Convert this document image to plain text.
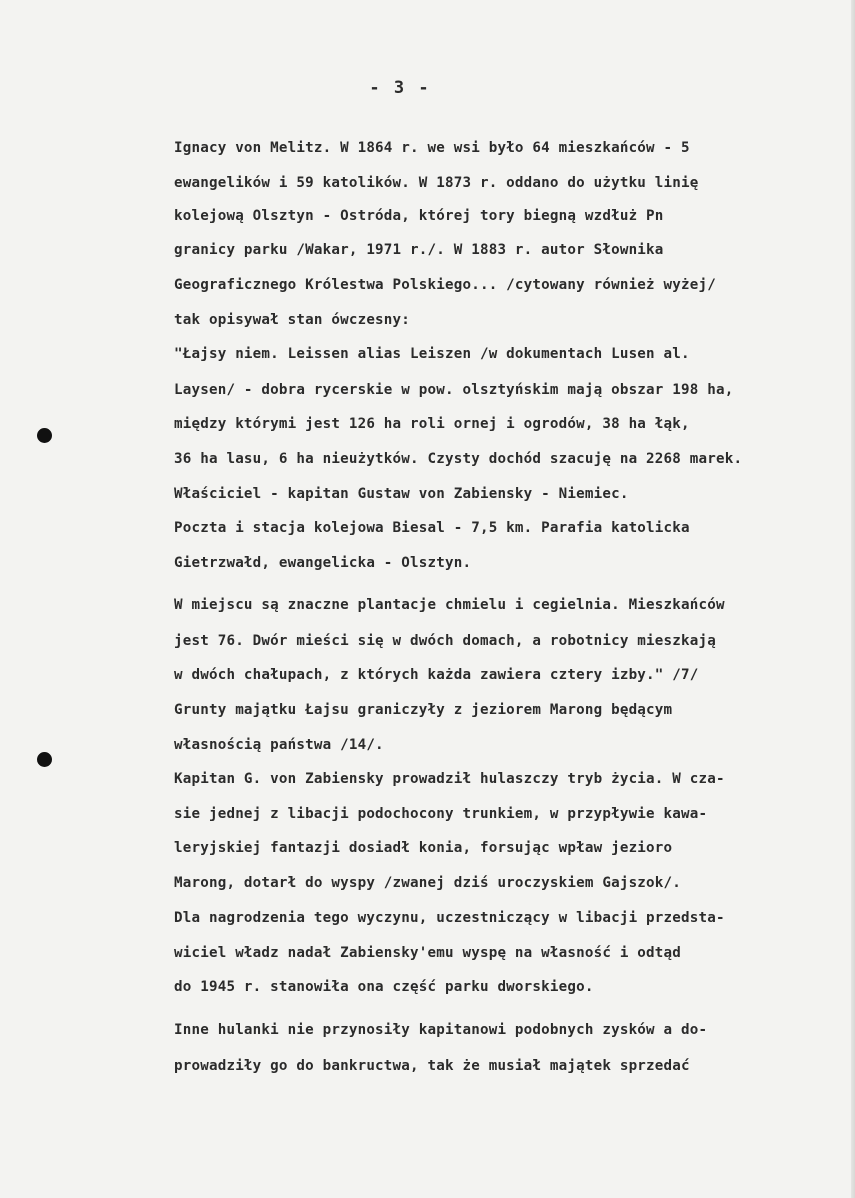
- 3 -
Ignacy von Melitz. W 1864 r. we wsi było 64 mieszkańców - 5
ewangelików i 59 katolików. W 1873 r. oddano do użytku linię
kolejową Olsztyn - Ostróda, której tory biegną wzdłuż Pn
granicy parku /Wakar, 1971 r./. W 1883 r. autor Słownika
Geograficznego Królestwa Polskiego... /cytowany również wyżej/
tak opisywał stan ówczesny:
"Łajsy niem. Leissen alias Leiszen /w dokumentach Lusen al.
Laysen/ - dobra rycerskie w pow. olsztyńskim mają obszar 198 ha,
między którymi jest 126 ha roli ornej i ogrodów, 38 ha łąk,
36 ha lasu, 6 ha nieużytków. Czysty dochód szacuję na 2268 marek.
Właściciel - kapitan Gustaw von Zabiensky - Niemiec.
Poczta i stacja kolejowa Biesal - 7,5 km. Parafia katolicka
Gietrzwałd, ewangelicka - Olsztyn.
W miejscu są znaczne plantacje chmielu i cegielnia. Mieszkańców
jest 76. Dwór mieści się w dwóch domach, a robotnicy mieszkają
w dwóch chałupach, z których każda zawiera cztery izby." /7/
Grunty majątku Łajsu graniczyły z jeziorem Marong będącym
własnością państwa /14/.
Kapitan G. von Zabiensky prowadził hulaszczy tryb życia. W cza-
sie jednej z libacji podochocony trunkiem, w przypływie kawa-
leryjskiej fantazji dosiadł konia, forsując wpław jezioro
Marong, dotarł do wyspy /zwanej dziś uroczyskiem Gajszok/.
Dla nagrodzenia tego wyczynu, uczestniczący w libacji przedsta-
wiciel władz nadał Zabiensky'emu wyspę na własność i odtąd
do 1945 r. stanowiła ona część parku dworskiego.
Inne hulanki nie przynosiły kapitanowi podobnych zysków a do-
prowadziły go do bankructwa, tak że musiał majątek sprzedać
